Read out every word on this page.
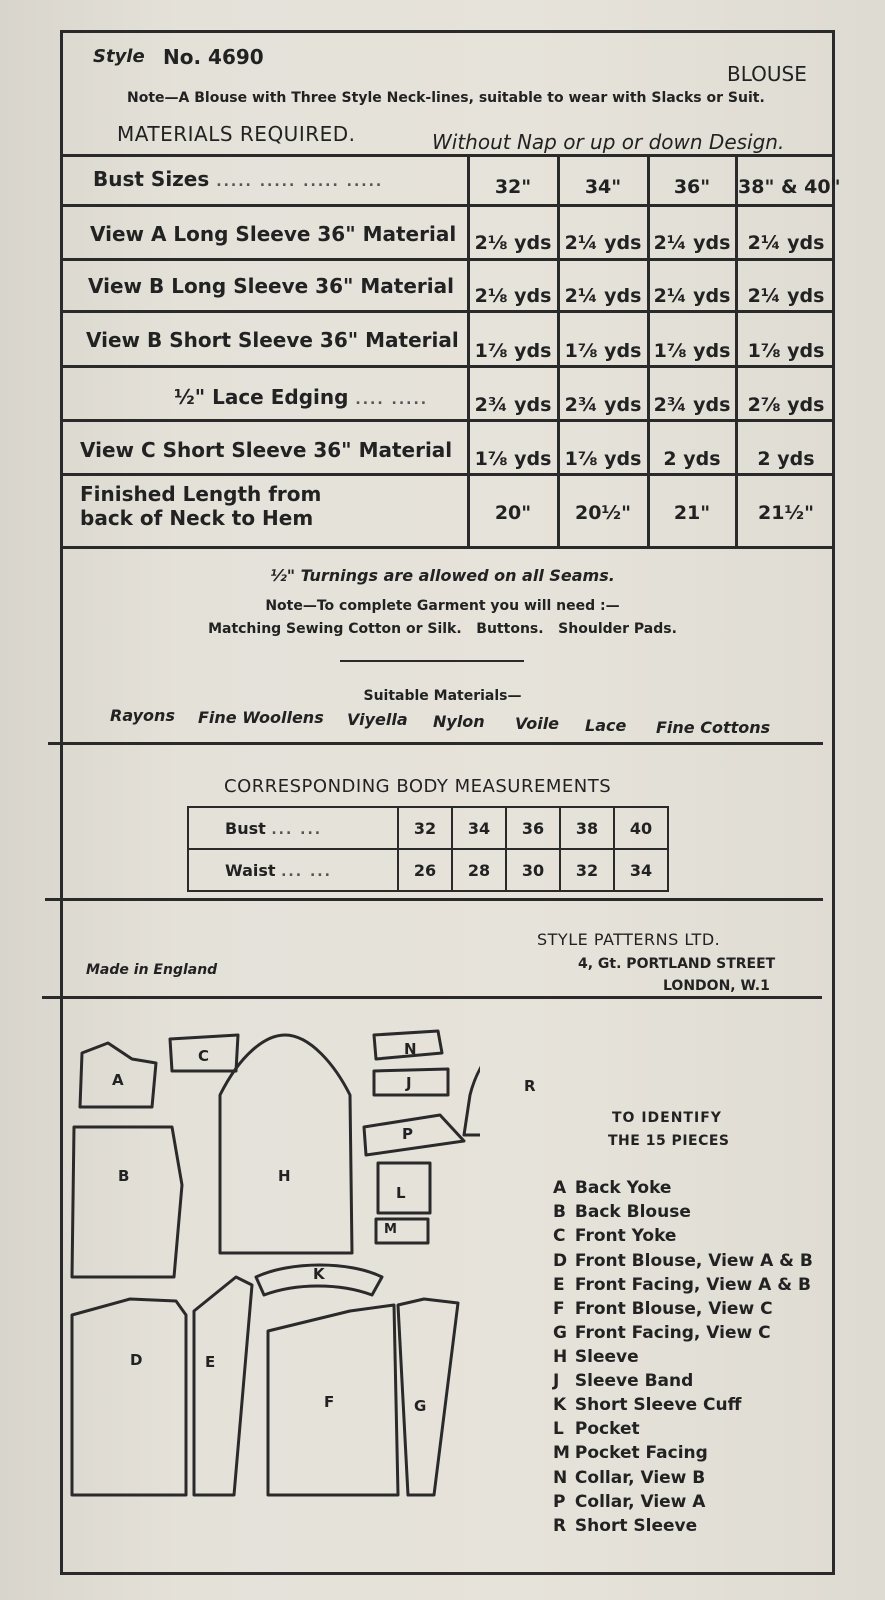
Style No. 4690
BLOUSE
Note—A Blouse with Three Style Neck-lines, suitable to wear with Slacks or Suit.
MATERIALS REQUIRED.	Without Nap or up or down Design.
Bust Sizes ..... ..... ..... .....	32"	34"	36"	38" & 40"
View A Long Sleeve 36" Material 2⅛ yds 2¼ yds 2¼ yds 2¼ yds
View B Long Sleeve 36" Material 2⅛ yds 2¼ yds 2¼ yds 2¼ yds
View B Short Sleeve 36" Material 1⅞ yds 1⅞ yds 1⅞ yds 1⅞ yds
½" Lace Edging .... ..... 2¾ yds 2¾ yds 2¾ yds 2⅞ yds
View C Short Sleeve 36" Material 1⅞ yds 1⅞ yds	2 yds	2 yds
Finished Length from
back of Neck to Hem	20"	20½"	21"	21½"
½" Turnings are allowed on all Seams.
Note—To complete Garment you will need :—
Matching Sewing Cotton or Silk.   Buttons.   Shoulder Pads.
Suitable Materials—
Rayons Fine Woollens Viyella Nylon Voile Lace Fine Cottons
CORRESPONDING BODY MEASUREMENTS
Bust ... ...	32	34	36	38	40
Waist ... ...	26	28	30	32	34
Made in England
STYLE PATTERNS LTD.
4, Gt. PORTLAND STREET
LONDON, W.1
A
C	N
J	R
B	H
P
L
M
K
D	E
F	G
TO IDENTIFY
THE 15 PIECES
A Back Yoke
B Back Blouse
C Front Yoke
D Front Blouse, View A & B
E Front Facing, View A & B
F Front Blouse, View C
G Front Facing, View C
H Sleeve
J Sleeve Band
K Short Sleeve Cuff
L Pocket
M Pocket Facing
N Collar, View B
P Collar, View A
R Short Sleeve
